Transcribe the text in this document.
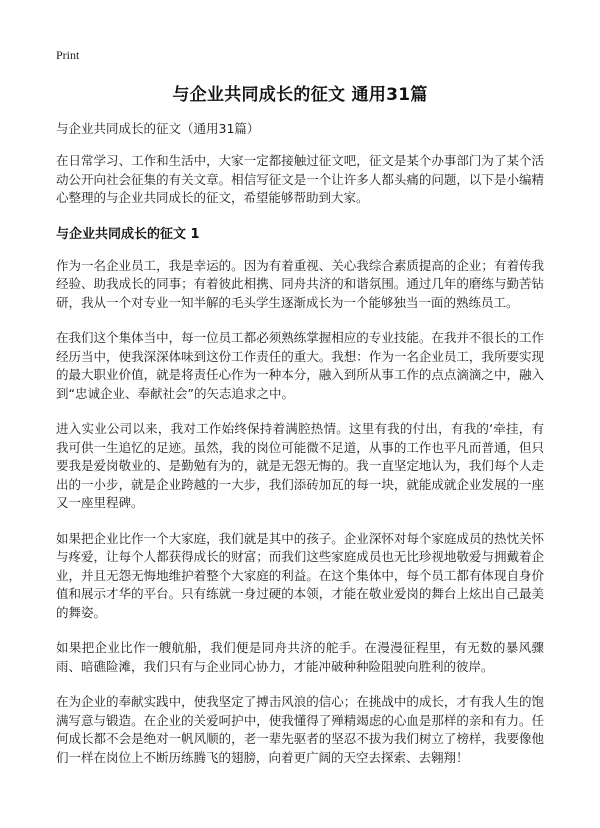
Print
与企业共同成长的征文 通用31篇

与企业共同成长的征文（通用31篇）

在日常学习、工作和生活中，大家一定都接触过征文吧，征文是某个办事部门为了某个活动公开向社会征集的有关文章。相信写征文是一个让许多人都头痛的问题，以下是小编精心整理的与企业共同成长的征文，希望能够帮助到大家。

与企业共同成长的征文 1

作为一名企业员工，我是幸运的。因为有着重视、关心我综合素质提高的企业；有着传我经验、助我成长的同事；有着彼此相携、同舟共济的和谐氛围。通过几年的磨练与勤苦钻研，我从一个对专业一知半解的毛头学生逐渐成长为一个能够独当一面的熟练员工。

在我们这个集体当中，每一位员工都必须熟练掌握相应的专业技能。在我并不很长的工作经历当中，使我深深体味到这份工作责任的重大。我想：作为一名企业员工，我所要实现的最大职业价值，就是将责任心作为一种本分，融入到所从事工作的点点滴滴之中，融入到“忠诚企业、奉献社会”的矢志追求之中。

进入实业公司以来，我对工作始终保持着满腔热情。这里有我的付出，有我的‘牵挂，有我可供一生追忆的足迹。虽然，我的岗位可能微不足道，从事的工作也平凡而普通，但只要我是爱岗敬业的、是勤勉有为的，就是无怨无悔的。我一直坚定地认为，我们每个人走出的一小步，就是企业跨越的一大步，我们添砖加瓦的每一块，就能成就企业发展的一座又一座里程碑。

如果把企业比作一个大家庭，我们就是其中的孩子。企业深怀对每个家庭成员的热忱关怀与疼爱，让每个人都获得成长的财富；而我们这些家庭成员也无比珍视地敬爱与拥戴着企业，并且无怨无悔地维护着整个大家庭的利益。在这个集体中，每个员工都有体现自身价值和展示才华的平台。只有练就一身过硬的本领，才能在敬业爱岗的舞台上炫出自己最美的舞姿。

如果把企业比作一艘航船，我们便是同舟共济的舵手。在漫漫征程里，有无数的暴风骤雨、暗礁险滩，我们只有与企业同心协力，才能冲破种种险阻驶向胜利的彼岸。

在为企业的奉献实践中，使我坚定了搏击风浪的信心；在挑战中的成长，才有我人生的饱满写意与锻造。在企业的关爱呵护中，使我懂得了殚精竭虑的心血是那样的亲和有力。任何成长都不会是绝对一帆风顺的，老一辈先驱者的坚忍不拔为我们树立了榜样，我要像他们一样在岗位上不断历练腾飞的翅膀，向着更广阔的天空去探索、去翱翔！
